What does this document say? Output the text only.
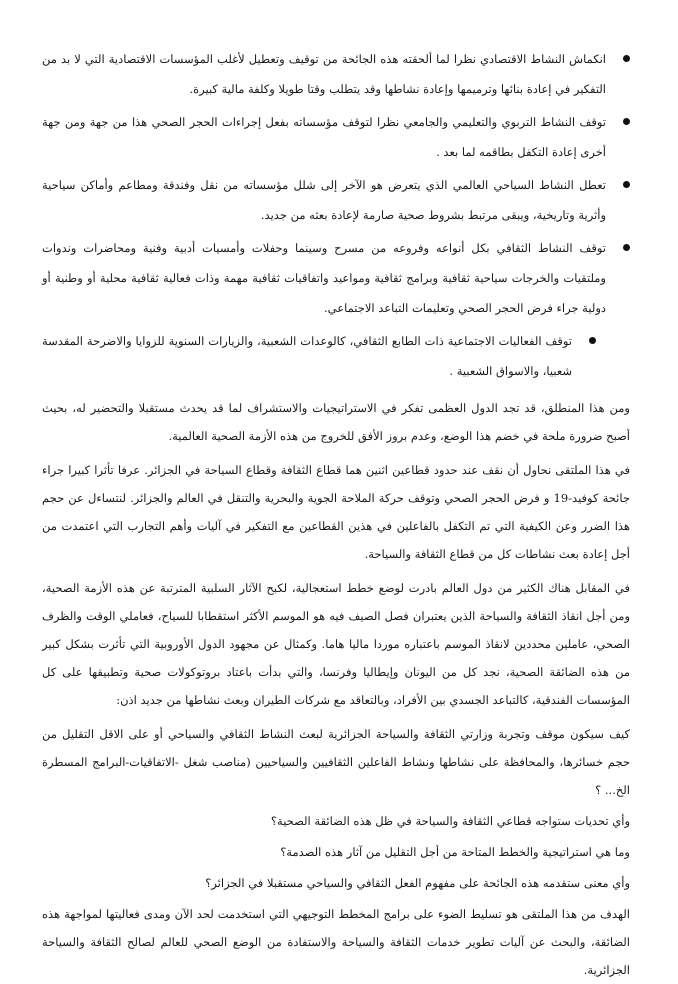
انكماش النشاط الاقتصادي نظرا لما ألحقته هذه الجائحة من توقيف وتعطيل لأغلب المؤسسات الاقتصادية التي لا بد من التفكير في إعادة بنائها وترميمها وإعادة نشاطها وقد يتطلب وقتا طويلا وكلفة مالية كبيرة.
توقف النشاط التربوي والتعليمي والجامعي نظرا لتوقف مؤسساته بفعل إجراءات الحجر الصحي هذا من جهة ومن جهة أخرى إعادة التكفل بطاقمه لما بعد .
تعطل النشاط السياحي العالمي الذي يتعرض هو الآخر إلى شلل مؤسساته من نقل وفندقة ومطاعم وأماكن سياحية وأثرية وتاريخية، ويبقى مرتبط بشروط صحية صارمة لإعادة بعثه من جديد.
توقف النشاط الثقافي بكل أنواعه وفروعه من مسرح وسينما وحفلات وأمسيات أدبية وفنية ومحاضرات وندوات وملتقيات والخرجات سياحية ثقافية وبرامج ثقافية ومواعيد واتفاقيات ثقافية مهمة وذات فعالية ثقافية محلية أو وطنية أو دولية جراء فرض الحجر الصحي وتعليمات التباعد الاجتماعي.
توقف الفعاليات الاجتماعية ذات الطابع الثقافي، كالوعدات الشعبية، والزيارات السنوية للزوايا والاضرحة المقدسة شعبيا، والاسواق الشعبية .

ومن هذا المنطلق، قد تجد الدول العظمى تفكر في الاستراتيجيات والاستشراف لما قد يحدث مستقبلا والتحضير له، بحيث أصبح ضرورة ملحة في خضم هذا الوضع، وعدم بروز الأفق للخروج من هذه الأزمة الصحية العالمية.

في هذا الملتقى نحاول أن نقف عند حدود قطاعين اثنين هما قطاع الثقافة وقطاع السياحة في الجزائر. عرفا تأثرا كبيرا جراء جائحة كوفيد-19 و فرض الحجر الصحي وتوقف حركة الملاحة الجوية والبحرية والتنقل في العالم والجزائر. لنتساءل عن حجم هذا الضرر وعن الكيفية التي تم التكفل بالفاعلين في هذين القطاعين مع التفكير في آليات وأهم التجارب التي اعتمدت من أجل إعادة بعث نشاطات كل من قطاع الثقافة والسياحة.

في المقابل هناك الكثير من دول العالم بادرت لوضع خطط استعجالية، لكبح الآثار السلبية المترتبة عن هذه الأزمة الصحية، ومن أجل انقاذ الثقافة والسياحة الذين يعتبران فصل الصيف فيه هو الموسم الأكثر استقطابا للسياح، فعاملي الوقت والظرف الصحي، عاملين محددين لانقاذ الموسم باعتباره موردا ماليا هاما. وكمثال عن مجهود الدول الأوروبية التي تأثرت بشكل كبير من هذه الضائقة الصحية، نجد كل من اليونان وإيطاليا وفرنسا، والتي بدأت باعتاد بروتوكولات صحية وتطبيقها على كل المؤسسات الفندقية، كالتباعد الجسدي بين الأفراد، وبالتعاقد مع شركات الطيران وبعث نشاطها من جديد اذن:

كيف سيكون موقف وتجربة وزارتي الثقافة والسياحة الجزائرية لبعث النشاط الثقافي والسياحي أو على الاقل التقليل من حجم خسائرها، والمحافظة على نشاطها ونشاط الفاعلين الثقافيين والسياحيين (مناصب شغل -الاتفاقيات-البرامج المسطرة الخ... ؟

وأي تحديات ستواجه قطاعي الثقافة والسياحة في ظل هذه الضائقة الصحية؟

وما هي استراتيجية والخطط المتاحة من أجل التقليل من آثار هذه الصدمة؟

وأي معنى ستقدمه هذه الجائحة على مفهوم الفعل الثقافي والسياحي مستقبلا في الجزائر؟

الهدف من هذا الملتقى هو تسليط الضوء على برامج المخطط التوجيهي التي استخدمت لحد الآن ومدى فعاليتها لمواجهة هذه الضائقة، والبحث عن آليات تطوير خدمات الثقافة والسياحة والاستفادة من الوضع الصحي للعالم لصالح الثقافة والسياحة الجزائرية.
